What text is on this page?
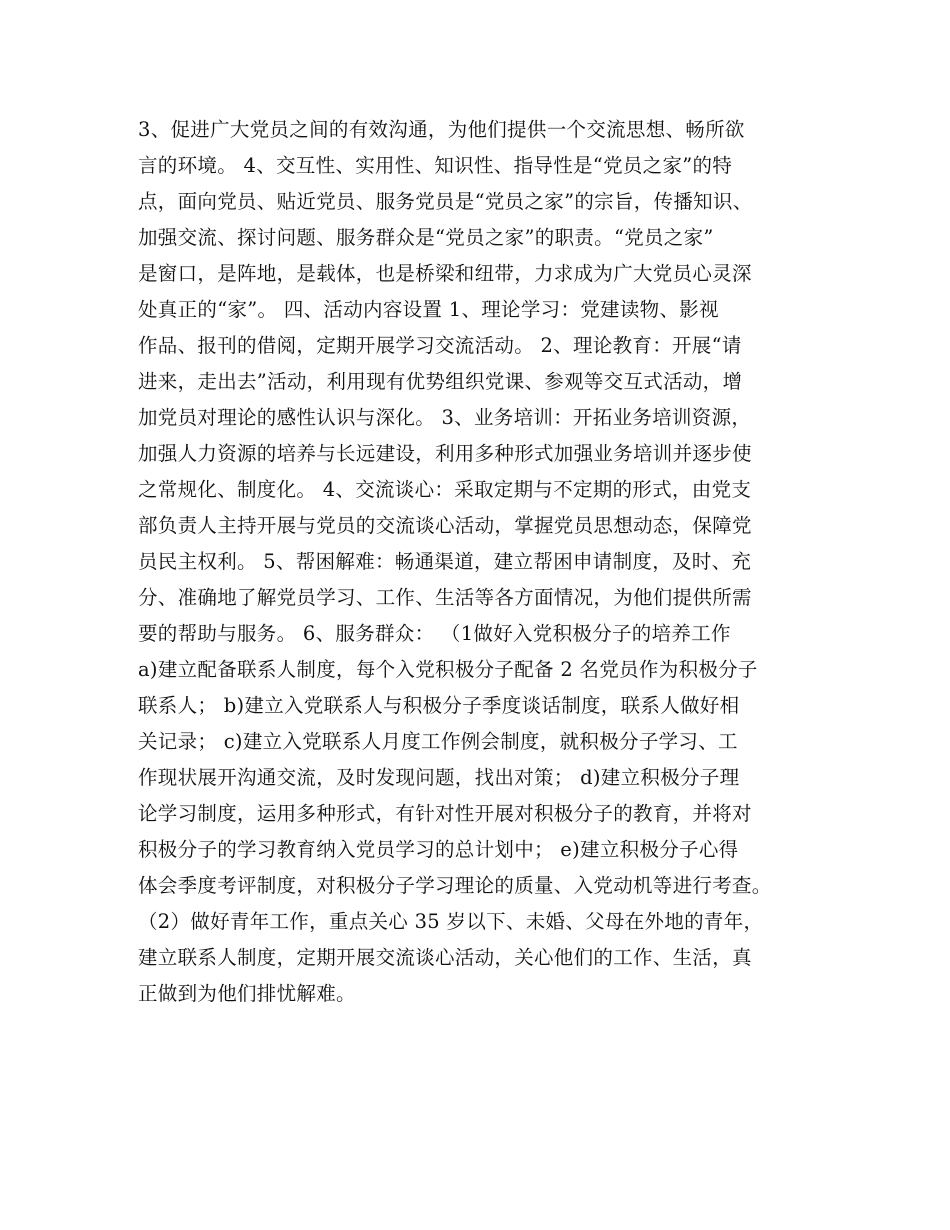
3、促进广大党员之间的有效沟通，为他们提供一个交流思想、畅所欲
言的环境。 4、交互性、实用性、知识性、指导性是“党员之家”的特
点，面向党员、贴近党员、服务党员是“党员之家”的宗旨，传播知识、
加强交流、探讨问题、服务群众是“党员之家”的职责。“党员之家”
是窗口，是阵地，是载体，也是桥梁和纽带，力求成为广大党员心灵深
处真正的“家”。 四、活动内容设置 1、理论学习：党建读物、影视
作品、报刊的借阅，定期开展学习交流活动。 2、理论教育：开展“请
进来，走出去”活动，利用现有优势组织党课、参观等交互式活动，增
加党员对理论的感性认识与深化。 3、业务培训：开拓业务培训资源，
加强人力资源的培养与长远建设，利用多种形式加强业务培训并逐步使
之常规化、制度化。 4、交流谈心：采取定期与不定期的形式，由党支
部负责人主持开展与党员的交流谈心活动，掌握党员思想动态，保障党
员民主权利。 5、帮困解难：畅通渠道，建立帮困申请制度，及时、充
分、准确地了解党员学习、工作、生活等各方面情况，为他们提供所需
要的帮助与服务。 6、服务群众： （1做好入党积极分子的培养工作
a)建立配备联系人制度，每个入党积极分子配备 2 名党员作为积极分子
联系人； b)建立入党联系人与积极分子季度谈话制度，联系人做好相
关记录； c)建立入党联系人月度工作例会制度，就积极分子学习、工
作现状展开沟通交流，及时发现问题，找出对策； d)建立积极分子理
论学习制度，运用多种形式，有针对性开展对积极分子的教育，并将对
积极分子的学习教育纳入党员学习的总计划中； e)建立积极分子心得
体会季度考评制度，对积极分子学习理论的质量、入党动机等进行考查。
（2）做好青年工作，重点关心 35 岁以下、未婚、父母在外地的青年，
建立联系人制度，定期开展交流谈心活动，关心他们的工作、生活，真
正做到为他们排忧解难。
